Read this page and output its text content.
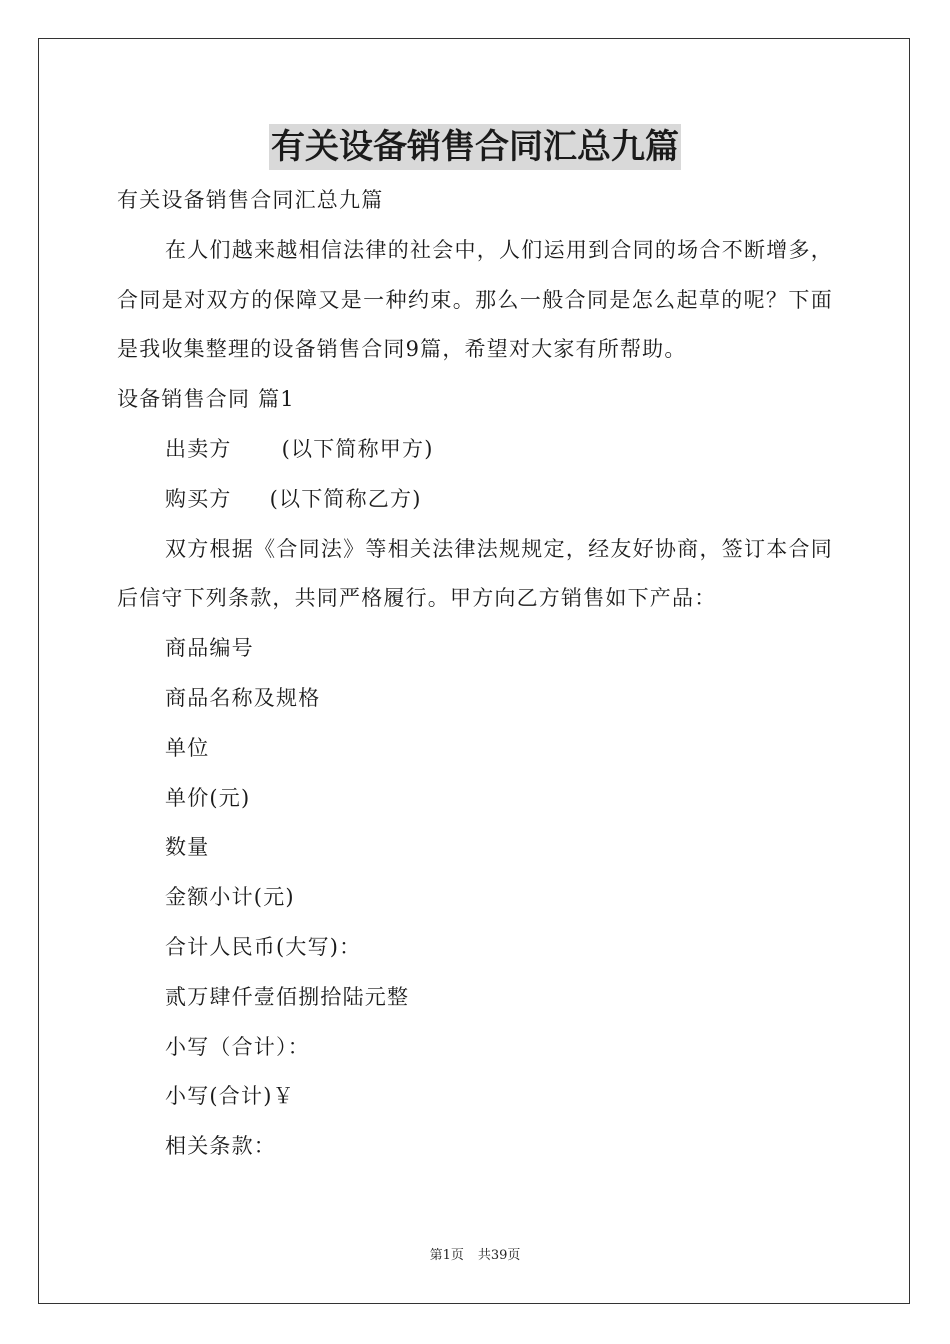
有关设备销售合同汇总九篇
有关设备销售合同汇总九篇
在人们越来越相信法律的社会中，人们运用到合同的场合不断增多，合同是对双方的保障又是一种约束。那么一般合同是怎么起草的呢？下面是我收集整理的设备销售合同9篇，希望对大家有所帮助。
设备销售合同 篇1
出卖方 (以下简称甲方)
购买方 (以下简称乙方)
双方根据《合同法》等相关法律法规规定，经友好协商，签订本合同后信守下列条款，共同严格履行。甲方向乙方销售如下产品：
商品编号
商品名称及规格
单位
单价(元)
数量
金额小计(元)
合计人民币(大写)：
贰万肆仟壹佰捌拾陆元整
小写（合计）：
小写(合计)￥
相关条款：
第1页 共39页
